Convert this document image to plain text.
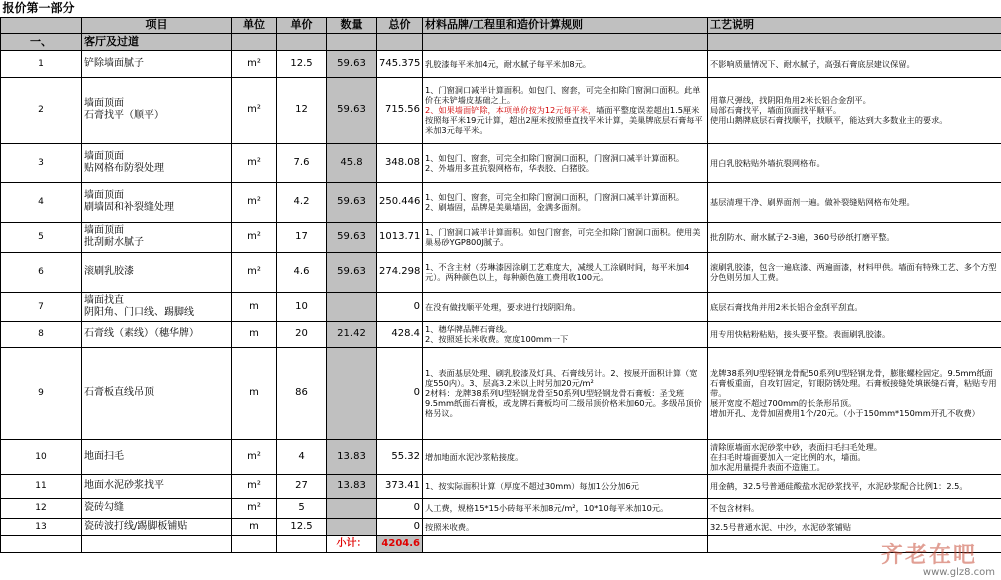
报价第一部分							
	项目	单位	单价	数量	总价	材料品牌/工程里和造价计算规则	工艺说明
一、	客厅及过道						
1	铲除墙面腻子	m²	12.5	59.63	745.375	乳胶漆每平米加4元，耐水腻子每平米加8元。	不影响质量情况下、耐水腻子，高强石膏底层建议保留。
2	墙面顶面
石膏找平（顺平）	m²	12	59.63	715.56	1、门窗洞口减半计算面积。如包门、窗套，可完全扣除门窗洞口面积。此单价在未铲墙皮基础之上。
2、如果墙面铲除，本项单价按为12元每平米，墙面平整度误差超出1.5厘米按照每平米19元计算，超出2厘米按照垂直找平米计算，美巢牌底层石膏每平米加3元每平米。	用靠尺弹线，找阴阳角用2米长铝合金刮平。
局部石膏找平，墙面顶面找平顺平。
使用山鹅牌底层石膏找顺平，找顺平，能达到大多数业主的要求。
3	墙面顶面
贴网格布防裂处理	m²	7.6	45.8	348.08	1、如包门、窗套，可完全扣除门窗洞口面积，门窗洞口减半计算面积。
2、外墙用多苴抗裂网格布，华表胶、白猪胶。	用白乳胶粘贴外墙抗裂网格布。
4	墙面顶面
刷墙固和补裂缝处理	m²	4.2	59.63	250.446	1、如包门、窗套，可完全扣除门窗洞口面积，门窗洞口减半计算面积。
2、刷墙固，品牌是美巢墙固，金满多面剂。	基层清理干净、刷界面剂一遍。做补裂缝贴网格布处理。
5	墙面顶面
批刮耐水腻子	m²	17	59.63	1013.71	1、门窗洞口减半计算面积。如包门窗套，可完全扣除门窗洞口面积。使用美巢易砂YGP800J腻子。	批刮防水、耐水腻子2-3遍，360号砂纸打磨平整。
6	滚刷乳胶漆	m²	4.6	59.63	274.298	1、不含主材（芬琳漆因涂刷工艺难度大，减缓人工涂刷时间，每平米加4元）。两种颜色以上，每种颜色施工费用收100元。	滚刷乳胶漆，包含一遍底漆、两遍面漆，材料甲供。墙面有特殊工艺、多个方型分色则另加人工费。
7	墙面找直
阴阳角、门口线、踢脚线	m	10		0	在没有做找顺平处理，要求进行找阴阳角。	底层石膏找角并用2米长铝合金刮平刮直。
8	石膏线（素线）（穗华牌）	m	20	21.42	428.4	1、穗华牌品牌石膏线。
2、按照延长米收费。宽度100mm一下	用专用快粘粉粘贴，接头要平整。表面刷乳胶漆。
9	石膏板直线吊顶	m	86		0	1、表面基层处理、刷乳胶漆及灯具、石膏线另计。2、按展开面积计算（宽度550内）。3、层高3.2米以上时另加20元/m²
2材料：龙牌38系列U型轻钢龙骨至50系列U型轻钢龙骨石膏板：圣戈班9.5mm纸面石膏板，或龙牌石膏板均可二级吊顶价格米加60元。多级吊顶价格另议。	龙牌38系列U型轻钢龙骨配50系列U型轻钢龙骨，膨胀螺栓固定。9.5mm纸面石膏板重面，自攻钉固定，钉眼防锈处理。石膏板接缝处填嵌缝石膏，粘贴专用带。
展开宽度不超过700mm的长条形吊顶。
增加开孔、龙骨加固费用1个/20元。（小于150mm*150mm开孔不收费）
10	地面扫毛	m²	4	13.83	55.32	增加地面水泥沙浆粘接度。	清除原墙面水泥砂浆中砂，表面扫毛扫毛处理。
在扫毛时墙面要加入一定比例的水，墙面。
加水泥用量提升表面不造施工。
11	地面水泥砂浆找平	m²	27	13.83	373.41	1、按实际面积计算（厚度不超过30mm）每加1公分加6元	用金鹤，32.5号普通硅酸盐水泥砂浆找平，水泥砂浆配合比例1：2.5。
12	瓷砖勾缝	m²	5		0	人工费，规格15*15小砖每平米加8元/m²，10*10每平米加10元。	不包含材料。
13	瓷砖波打线/踢脚板铺贴	m	12.5		0	按照米收费。	32.5号普通水泥、中沙，水泥砂浆铺贴
				小计：	4204.6			齐老在吧
www.glz8.com
